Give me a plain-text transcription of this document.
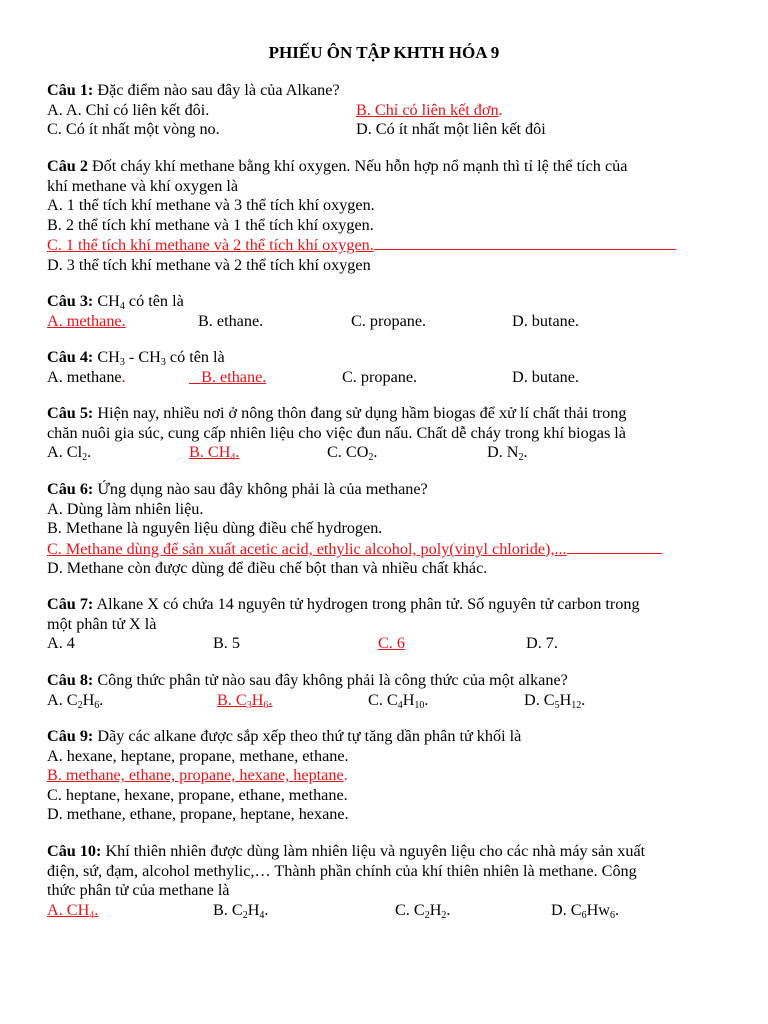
PHIẾU ÔN TẬP KHTH HÓA 9
Câu 1: Đặc điểm nào sau đây là của Alkane?
A. A. Chỉ có liên kết đôi.	B. Chỉ có liên kết đơn.
C. Có ít nhất một vòng no.	D. Có ít nhất một liên kết đôi
Câu 2 Đốt cháy khí methane bằng khí oxygen. Nếu hỗn hợp nổ mạnh thì tỉ lệ thể tích của
khí methane và khí oxygen là
A. 1 thể tích khí methane và 3 thể tích khí oxygen.
B. 2 thể tích khí methane và 1 thể tích khí oxygen.
C. 1 thể tích khí methane và 2 thể tích khí oxygen.
D. 3 thể tích khí methane và 2 thể tích khí oxygen
Câu 3: $CH_4$ có tên là
A. methane.	B. ethane.	C. propane.	D. butane.
Câu 4: $CH_3 - CH_3$ có tên là
A. methane.	B. ethane.	C. propane.	D. butane.
Câu 5: Hiện nay, nhiều nơi ở nông thôn đang sử dụng hầm biogas để xử lí chất thải trong
chăn nuôi gia súc, cung cấp nhiên liệu cho việc đun nấu. Chất dễ cháy trong khí biogas là
A. $Cl_2$.	B. $CH_4$.	C. $CO_2$.	D. $N_2$.
Câu 6: Ứng dụng nào sau đây không phải là của methane?
A. Dùng làm nhiên liệu.
B. Methane là nguyên liệu dùng điều chế hydrogen.
C. Methane dùng để sản xuất acetic acid, ethylic alcohol, poly(vinyl chloride),...
D. Methane còn được dùng để điều chế bột than và nhiều chất khác.
Câu 7: Alkane X có chứa 14 nguyên tử hydrogen trong phân tử. Số nguyên tử carbon trong
một phân tử X là
A. 4	B. 5	C. 6	D. 7.
Câu 8: Công thức phân tử nào sau đây không phải là công thức của một alkane?
A. $C_2H_6$.	B. $C_3H_6$.	C. $C_4H_{10}$.	D. $C_5H_{12}$.
Câu 9: Dãy các alkane được sắp xếp theo thứ tự tăng dần phân tử khối là
A. hexane, heptane, propane, methane, ethane.
B. methane, ethane, propane, hexane, heptane.
C. heptane, hexane, propane, ethane, methane.
D. methane, ethane, propane, heptane, hexane.
Câu 10: Khí thiên nhiên được dùng làm nhiên liệu và nguyên liệu cho các nhà máy sản xuất
điện, sứ, đạm, alcohol methylic,… Thành phần chính của khí thiên nhiên là methane. Công
thức phân tử của methane là
A. $CH_4$.	B. $C_2H_4$.	C. $C_2H_2$.	D. $C_6Hw_6$.
